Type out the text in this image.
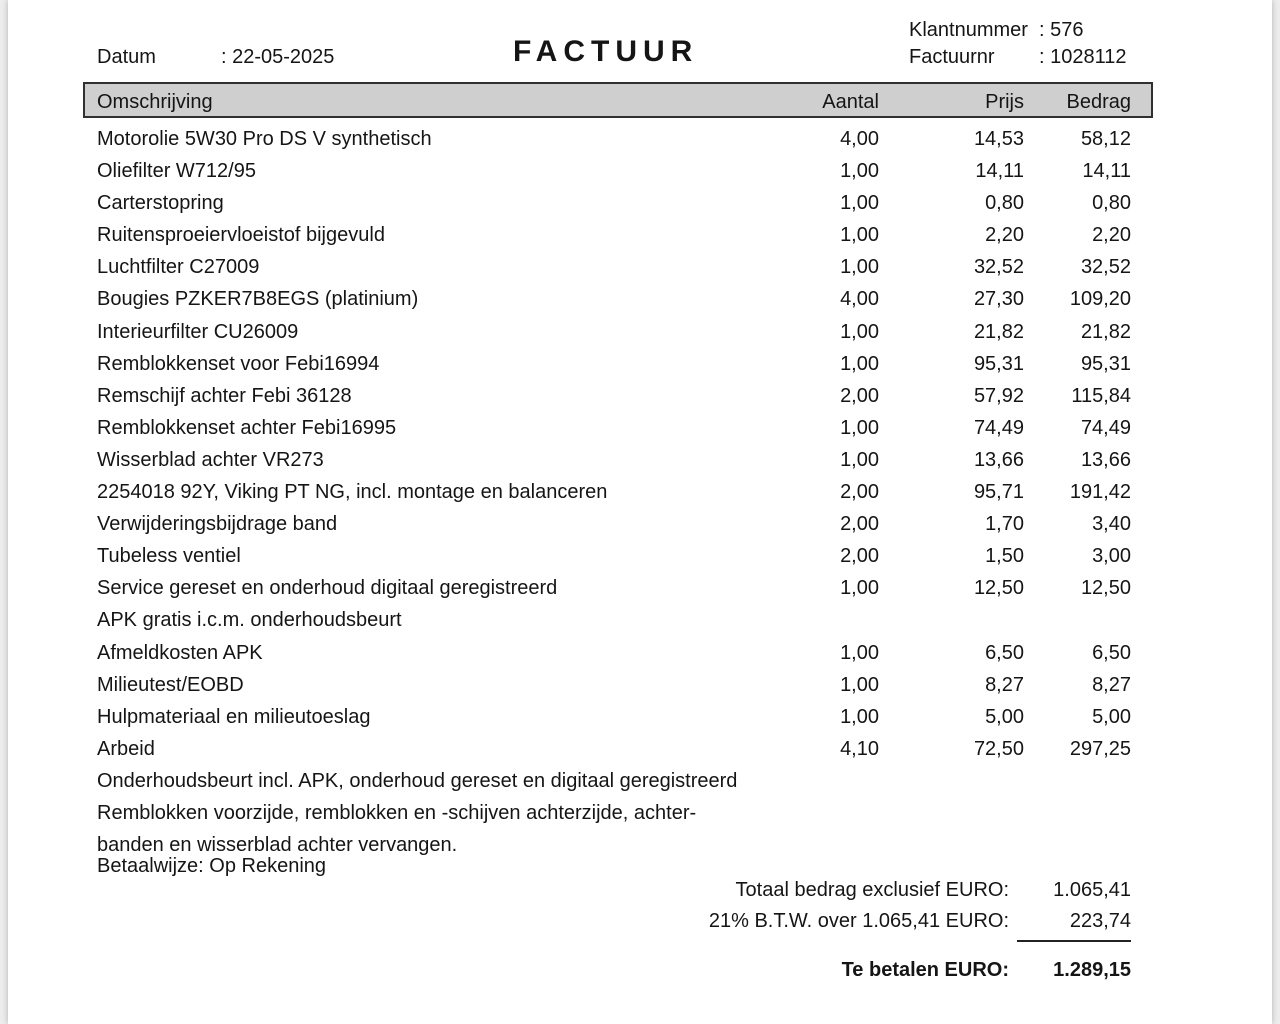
Datum	: 22-05-2025	FACTUUR
Klantnummer : 576
Factuurnr : 1028112
Omschrijving	Aantal	Prijs Bedrag
Motorolie 5W30 Pro DS V synthetisch	4,00	14,53	58,12
Oliefilter W712/95	1,00	14,11	14,11
Carterstopring	1,00	0,80	0,80
Ruitensproeiervloeistof bijgevuld	1,00	2,20	2,20
Luchtfilter C27009	1,00	32,52	32,52
Bougies PZKER7B8EGS (platinium)	4,00	27,30 109,20
Interieurfilter CU26009	1,00	21,82	21,82
Remblokkenset voor Febi16994	1,00	95,31	95,31
Remschijf achter Febi 36128	2,00	57,92 115,84
Remblokkenset achter Febi16995	1,00	74,49	74,49
Wisserblad achter VR273	1,00	13,66	13,66
2254018 92Y, Viking PT NG, incl. montage en balanceren	2,00	95,71 191,42
Verwijderingsbijdrage band	2,00	1,70	3,40
Tubeless ventiel	2,00	1,50	3,00
Service gereset en onderhoud digitaal geregistreerd	1,00	12,50	12,50
APK gratis i.c.m. onderhoudsbeurt
Afmeldkosten APK	1,00	6,50	6,50
Milieutest/EOBD	1,00	8,27	8,27
Hulpmateriaal en milieutoeslag	1,00	5,00	5,00
Arbeid	4,10	72,50 297,25
Onderhoudsbeurt incl. APK, onderhoud gereset en digitaal geregistreerd
Remblokken voorzijde, remblokken en -schijven achterzijde, achter-
banden en wisserblad achter vervangen.
Betaalwijze: Op Rekening
Totaal bedrag exclusief EURO: 1.065,41
21% B.T.W. over 1.065,41 EURO:	223,74
Te betalen EURO: 1.289,15
